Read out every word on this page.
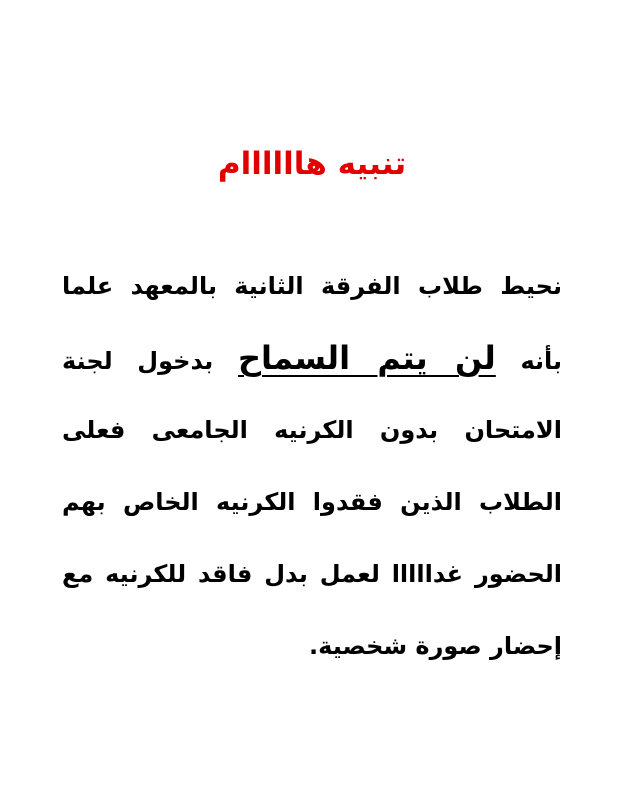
تنبيه هاااااام
نحيط طلاب الفرقة الثانية بالمعهد علما
بأنه لن يتم السماح بدخول لجنة
الامتحان بدون الكرنيه الجامعى فعلى
الطلاب الذين فقدوا الكرنيه الخاص بهم
الحضور غدااااا لعمل بدل فاقد للكرنيه مع
إحضار صورة شخصية.
